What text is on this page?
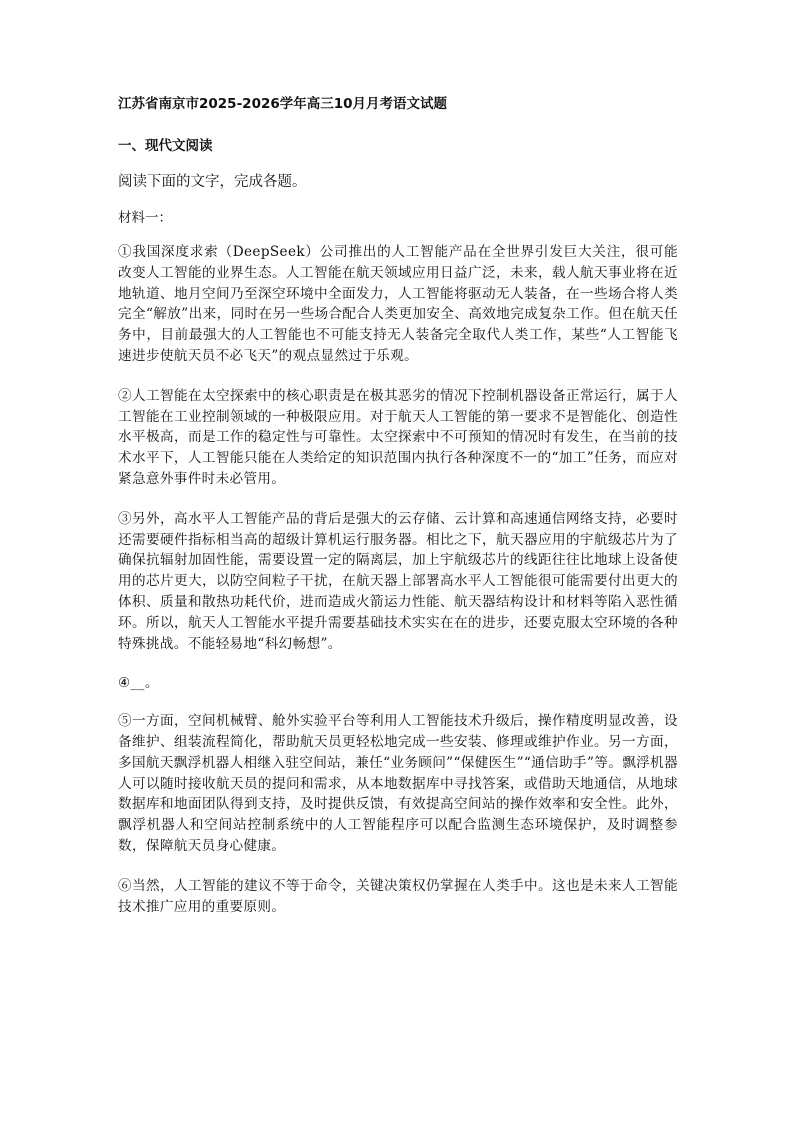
江苏省南京市2025-2026学年高三10月月考语文试题
一、现代文阅读
阅读下面的文字，完成各题。
材料一：

①我国深度求索（DeepSeek）公司推出的人工智能产品在全世界引发巨大关注，很可能改变人工智能的业界生态。人工智能在航天领域应用日益广泛，未来，载人航天事业将在近地轨道、地月空间乃至深空环境中全面发力，人工智能将驱动无人装备，在一些场合将人类完全“解放”出来，同时在另一些场合配合人类更加安全、高效地完成复杂工作。但在航天任务中，目前最强大的人工智能也不可能支持无人装备完全取代人类工作，某些“人工智能飞速进步使航天员不必飞天”的观点显然过于乐观。

②人工智能在太空探索中的核心职责是在极其恶劣的情况下控制机器设备正常运行，属于人工智能在工业控制领域的一种极限应用。对于航天人工智能的第一要求不是智能化、创造性水平极高，而是工作的稳定性与可靠性。太空探索中不可预知的情况时有发生，在当前的技术水平下，人工智能只能在人类给定的知识范围内执行各种深度不一的“加工”任务，而应对紧急意外事件时未必管用。

③另外，高水平人工智能产品的背后是强大的云存储、云计算和高速通信网络支持，必要时还需要硬件指标相当高的超级计算机运行服务器。相比之下，航天器应用的宇航级芯片为了确保抗辐射加固性能，需要设置一定的隔离层，加上宇航级芯片的线距往往比地球上设备使用的芯片更大，以防空间粒子干扰，在航天器上部署高水平人工智能很可能需要付出更大的体积、质量和散热功耗代价，进而造成火箭运力性能、航天器结构设计和材料等陷入恶性循环。所以，航天人工智能水平提升需要基础技术实实在在的进步，还要克服太空环境的各种特殊挑战。不能轻易地“科幻畅想”。

④__。

⑤一方面，空间机械臂、舱外实验平台等利用人工智能技术升级后，操作精度明显改善，设备维护、组装流程简化，帮助航天员更轻松地完成一些安装、修理或维护作业。另一方面，多国航天飘浮机器人相继入驻空间站，兼任“业务顾问”“保健医生”“通信助手”等。飘浮机器人可以随时接收航天员的提问和需求，从本地数据库中寻找答案，或借助天地通信，从地球数据库和地面团队得到支持，及时提供反馈，有效提高空间站的操作效率和安全性。此外，飘浮机器人和空间站控制系统中的人工智能程序可以配合监测生态环境保护，及时调整参数，保障航天员身心健康。

⑥当然，人工智能的建议不等于命令，关键决策权仍掌握在人类手中。这也是未来人工智能技术推广应用的重要原则。
